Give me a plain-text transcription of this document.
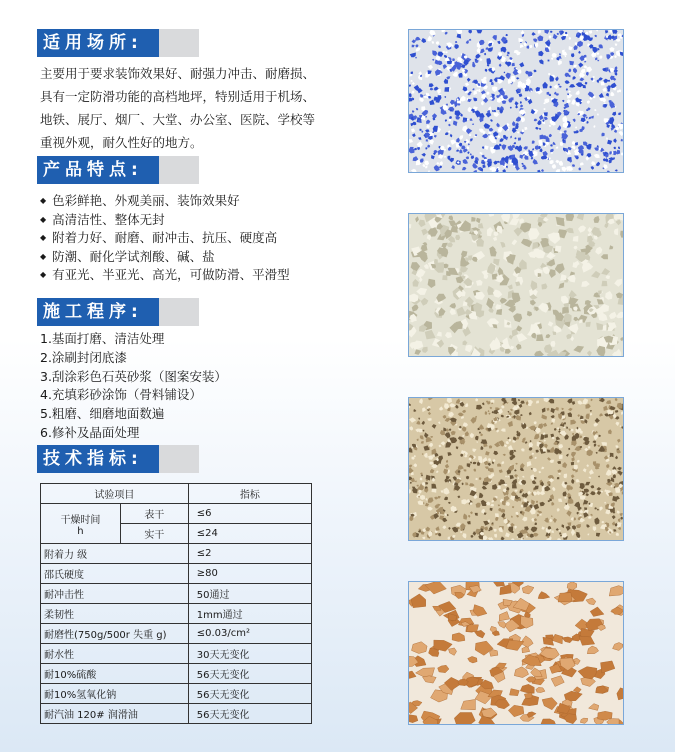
适用场所:
主要用于要求装饰效果好、耐强力冲击、耐磨损、
具有一定防滑功能的高档地坪，特别适用于机场、
地铁、展厅、烟厂、大堂、办公室、医院、学校等
重视外观，耐久性好的地方。
产品特点:
◆ 色彩鲜艳、外观美丽、装饰效果好
◆ 高清洁性、整体无封
◆ 附着力好、耐磨、耐冲击、抗压、硬度高
◆ 防潮、耐化学试剂酸、碱、盐
◆ 有亚光、半亚光、高光，可做防滑、平滑型
施工程序:
1.基面打磨、清洁处理
2.涂刷封闭底漆
3.刮涂彩色石英砂浆（图案安装）
4.充填彩砂涂饰（骨料铺设）
5.粗磨、细磨地面数遍
6.修补及晶面处理
技术指标:
试验项目		指标

干燥时间
h	表干	≤6
	实干	≤24
附着力 级		≤2
邵氏硬度		≥80
耐冲击性		50通过
柔韧性		1mm通过
耐磨性(750g/500r 失重 g)		≤0.03/cm²
耐水性		30天无变化
耐10%硫酸		56天无变化
耐10%氢氧化钠		56天无变化
耐汽油 120# 润滑油		56天无变化
